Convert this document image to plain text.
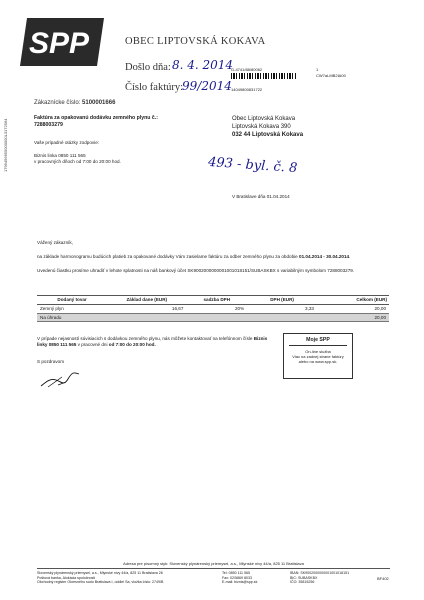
SPP	OBEC LIPTOVSKÁ KOKAVA
Došlo dňa: 8. 4. 2014
Číslo faktúry:
99/2014
G-4741/88/80062
14049800831722
1
CW7aLMB2IA00
1799456655000000L3172564
Zákaznícke číslo: 5100001666
Faktúra za opakovanú dodávku zemného plynu č.:
7288003279
Vaše prípadné otázky zodpovie:
Biznis linka 0850 111 565
v pracovných dňoch od 7:00 do 20:00 hod.
Obec Liptovská Kokava
Liptovská Kokava 390
032 44 Liptovská Kokava
493 - byl. č. 8
V Bratislave dňa 01.04.2014
Vážený zákazník,
na základe harmonogramu budúcich platieb za opakované dodávky Vám zasielame faktúru za odber zemného plynu za obdobie 01.04.2014 - 30.04.2014.
Uvedenú čiastku prosíme uhradiť v lehote splatnosti na náš bankový účet SK9002000000001001018151/SUBASKBX s variabilným symbolom 7288003279.
Dodaný tovar	Základ dane (EUR)	sadzba DPH	DPH (EUR)	Celkom (EUR)
Zemný plyn	16,67	20%	3,33	20,00
Na úhradu				20,00
V prípade nejasností súvisiacich s dodávkou zemného plynu, nás môžete kontaktovať na telefónnom čísle Biznis linky 0850 111 565 v pracovné dni od 7:00 do 20:00 hod.
S pozdravom
Moje SPP
On-line služba
Viac na zadnej strane faktúry
alebo na www.spp.sk.
Adresa pre písomný styk: Slovenský plynárenský priemysel, a.s., Mlynské nivy 44/a, 825 11 Bratislava
Slovenský plynárenský priemysel, a.s., Mlynské nivy 44/a, 825 11 Bratislava 26
Poštová banka, Alokácia spoločnosti
Obchodný register Okresného súdu Bratislava I, oddiel Sa, vložka číslo: 2749/B
Tel: 0850 111 565
Fax: 02/5869 8033
E-mail: biznis@spp.sk
IBAN: SK9002000000001001018151
BIC: SUBASKBX
IČO: 35815256
BF402
